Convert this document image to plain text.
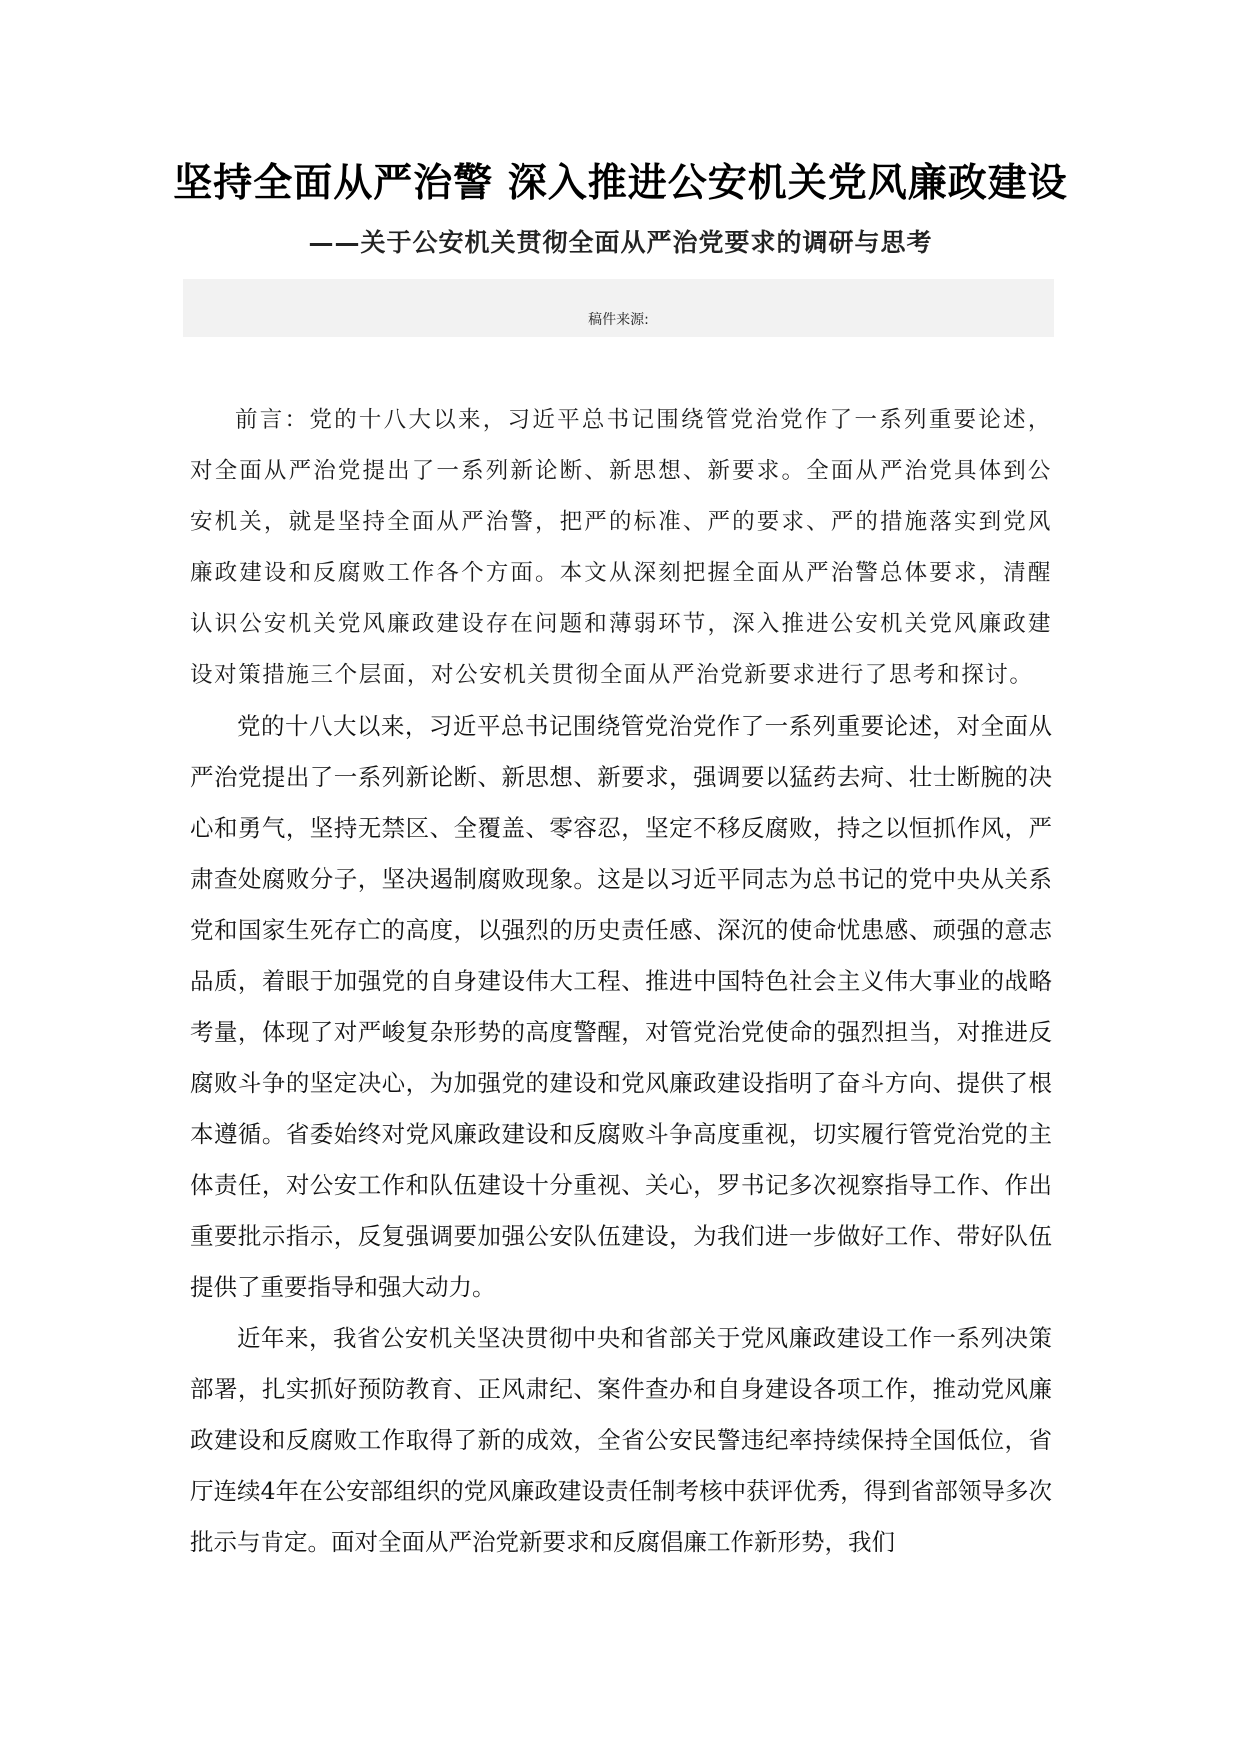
坚持全面从严治警 深入推进公安机关党风廉政建设
——关于公安机关贯彻全面从严治党要求的调研与思考
稿件来源:

前言：党的十八大以来，习近平总书记围绕管党治党作了一系列重要论述，对全面从严治党提出了一系列新论断、新思想、新要求。全面从严治党具体到公安机关，就是坚持全面从严治警，把严的标准、严的要求、严的措施落实到党风廉政建设和反腐败工作各个方面。本文从深刻把握全面从严治警总体要求，清醒认识公安机关党风廉政建设存在问题和薄弱环节，深入推进公安机关党风廉政建设对策措施三个层面，对公安机关贯彻全面从严治党新要求进行了思考和探讨。

党的十八大以来，习近平总书记围绕管党治党作了一系列重要论述，对全面从严治党提出了一系列新论断、新思想、新要求，强调要以猛药去疴、壮士断腕的决心和勇气，坚持无禁区、全覆盖、零容忍，坚定不移反腐败，持之以恒抓作风，严肃查处腐败分子，坚决遏制腐败现象。这是以习近平同志为总书记的党中央从关系党和国家生死存亡的高度，以强烈的历史责任感、深沉的使命忧患感、顽强的意志品质，着眼于加强党的自身建设伟大工程、推进中国特色社会主义伟大事业的战略考量，体现了对严峻复杂形势的高度警醒，对管党治党使命的强烈担当，对推进反腐败斗争的坚定决心，为加强党的建设和党风廉政建设指明了奋斗方向、提供了根本遵循。省委始终对党风廉政建设和反腐败斗争高度重视，切实履行管党治党的主体责任，对公安工作和队伍建设十分重视、关心，罗书记多次视察指导工作、作出重要批示指示，反复强调要加强公安队伍建设，为我们进一步做好工作、带好队伍提供了重要指导和强大动力。

近年来，我省公安机关坚决贯彻中央和省部关于党风廉政建设工作一系列决策部署，扎实抓好预防教育、正风肃纪、案件查办和自身建设各项工作，推动党风廉政建设和反腐败工作取得了新的成效，全省公安民警违纪率持续保持全国低位，省厅连续4年在公安部组织的党风廉政建设责任制考核中获评优秀，得到省部领导多次批示与肯定。面对全面从严治党新要求和反腐倡廉工作新形势，我们
